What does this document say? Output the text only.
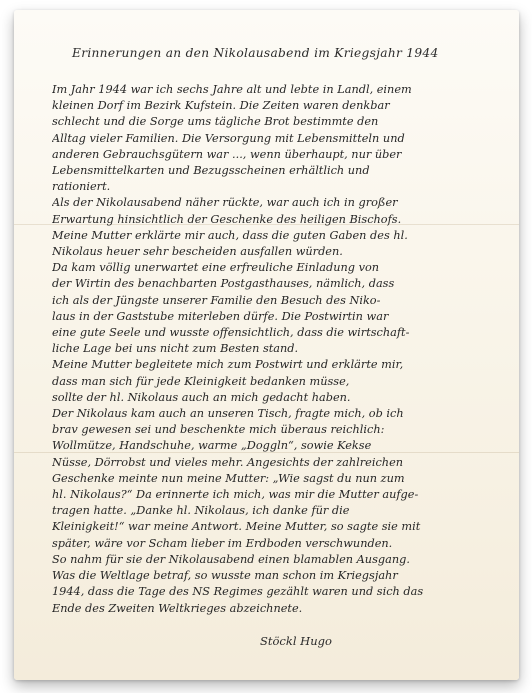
Erinnerungen an den Nikolausabend im Kriegsjahr 1944
Im Jahr 1944 war ich sechs Jahre alt und lebte in Landl, einem
kleinen Dorf im Bezirk Kufstein. Die Zeiten waren denkbar
schlecht und die Sorge ums tägliche Brot bestimmte den
Alltag vieler Familien. Die Versorgung mit Lebensmitteln und
anderen Gebrauchsgütern war ..., wenn überhaupt, nur über
Lebensmittelkarten und Bezugsscheinen erhältlich und
rationiert.
Als der Nikolausabend näher rückte, war auch ich in großer
Erwartung hinsichtlich der Geschenke des heiligen Bischofs.
Meine Mutter erklärte mir auch, dass die guten Gaben des hl.
Nikolaus heuer sehr bescheiden ausfallen würden.
Da kam völlig unerwartet eine erfreuliche Einladung von
der Wirtin des benachbarten Postgasthauses, nämlich, dass
ich als der Jüngste unserer Familie den Besuch des Niko-
laus in der Gaststube miterleben dürfe. Die Postwirtin war
eine gute Seele und wusste offensichtlich, dass die wirtschaft-
liche Lage bei uns nicht zum Besten stand.
Meine Mutter begleitete mich zum Postwirt und erklärte mir,
dass man sich für jede Kleinigkeit bedanken müsse,
sollte der hl. Nikolaus auch an mich gedacht haben.
Der Nikolaus kam auch an unseren Tisch, fragte mich, ob ich
brav gewesen sei und beschenkte mich überaus reichlich:
Wollmütze, Handschuhe, warme „Doggln“, sowie Kekse
Nüsse, Dörrobst und vieles mehr. Angesichts der zahlreichen
Geschenke meinte nun meine Mutter: „Wie sagst du nun zum
hl. Nikolaus?“ Da erinnerte ich mich, was mir die Mutter aufge-
tragen hatte. „Danke hl. Nikolaus, ich danke für die
Kleinigkeit!“ war meine Antwort. Meine Mutter, so sagte sie mit
später, wäre vor Scham lieber im Erdboden verschwunden.
So nahm für sie der Nikolausabend einen blamablen Ausgang.
Was die Weltlage betraf, so wusste man schon im Kriegsjahr
1944, dass die Tage des NS Regimes gezählt waren und sich das
Ende des Zweiten Weltkrieges abzeichnete.
Stöckl Hugo
